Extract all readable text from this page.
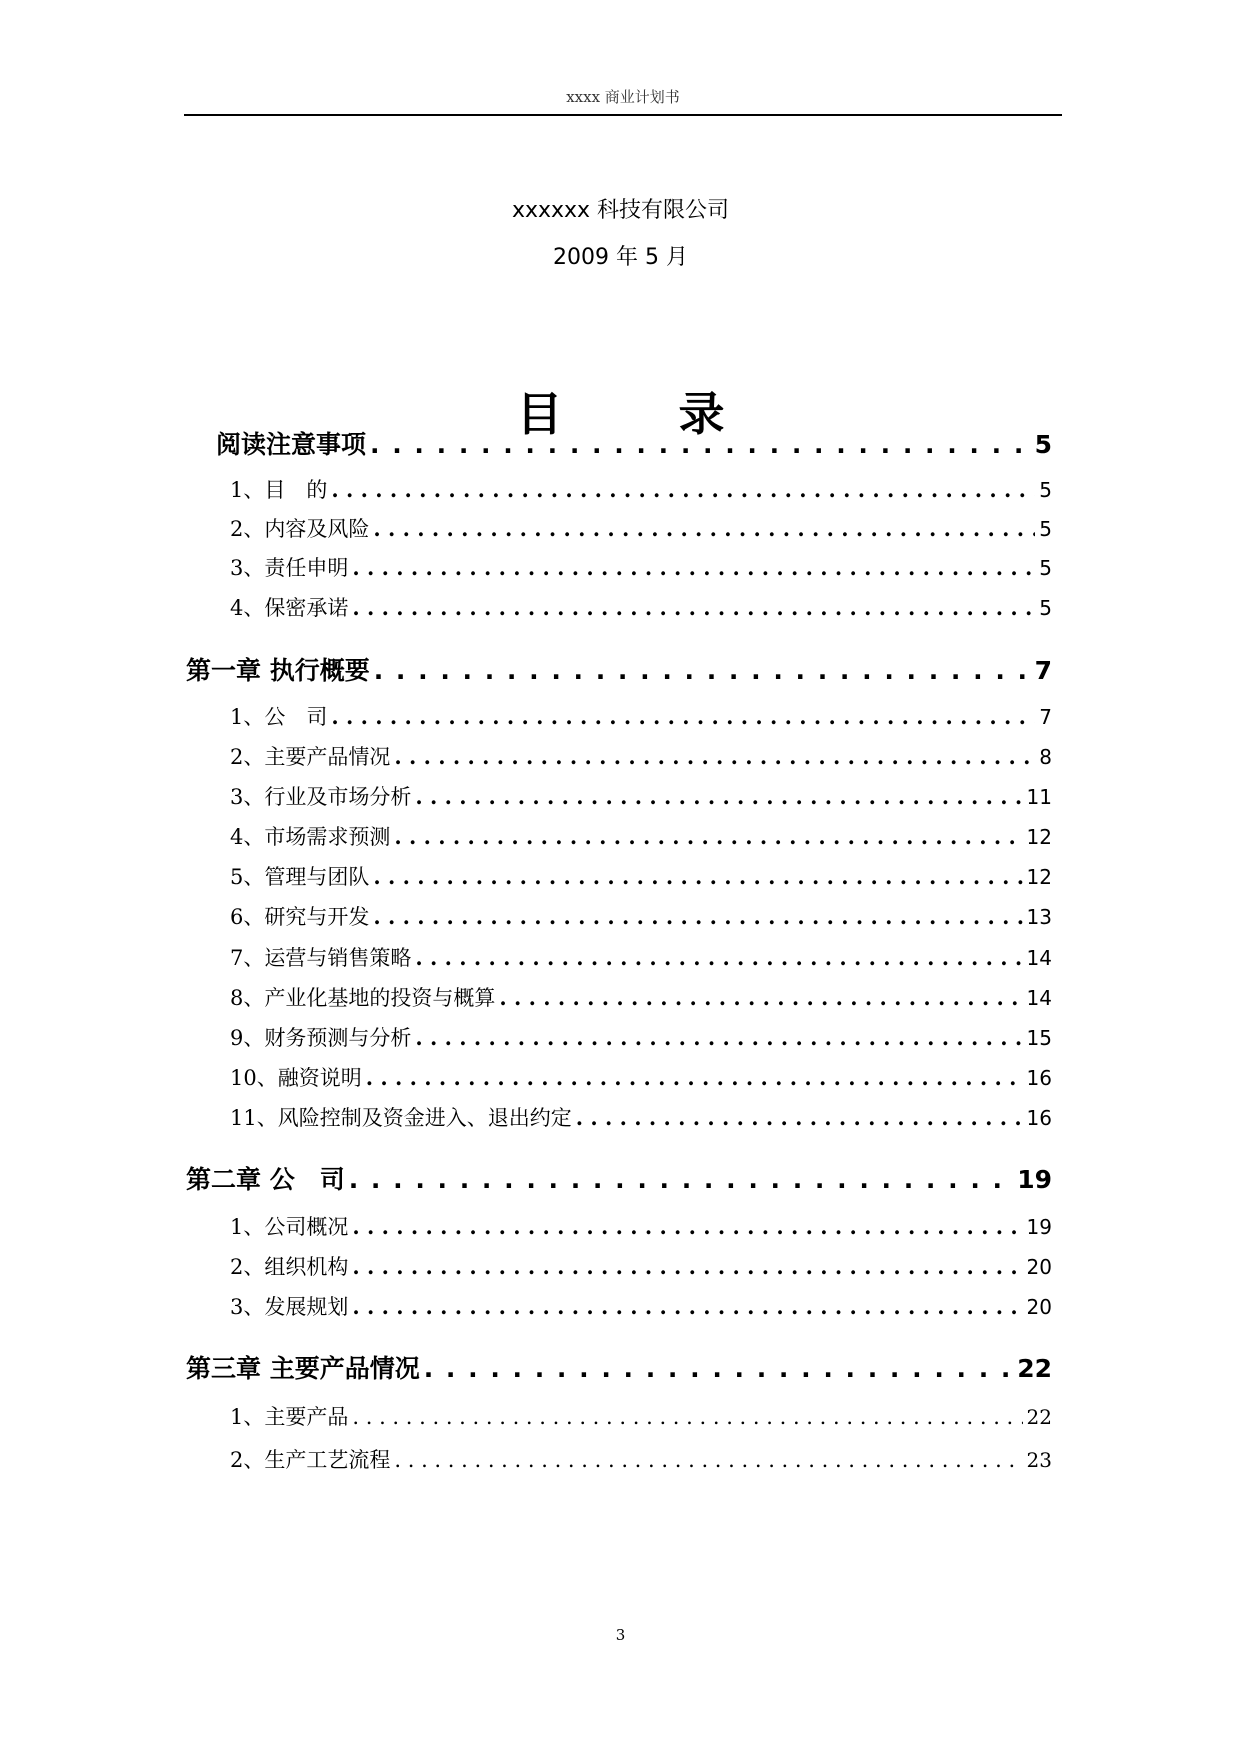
xxxx 商业计划书
xxxxxx 科技有限公司
2009 年 5 月
目 录
阅读注意事项 . . .	5
1、目　的 . . .	5
2、内容及风险 . . .	5
3、责任申明 . . .	5
4、保密承诺 . . .	5
第一章 执行概要 . . .	7
1、公　司 . . .	7
2、主要产品情况 . . .	8
3、行业及市场分析 . . .	11
4、市场需求预测 . . .	12
5、管理与团队 . . .	12
6、研究与开发 . . .	13
7、运营与销售策略 . . .	14
8、产业化基地的投资与概算 . . .	14
9、财务预测与分析 . . .	15
10、融资说明 . . .	16
11、风险控制及资金进入、退出约定 . . .	16
第二章 公　司 . . .	19
1、公司概况 . . .	19
2、组织机构 . . .	20
3、发展规划 . . .	20
第三章 主要产品情况 . . .	22
1、主要产品 . . .	22
2、生产工艺流程 . . .	23
3
